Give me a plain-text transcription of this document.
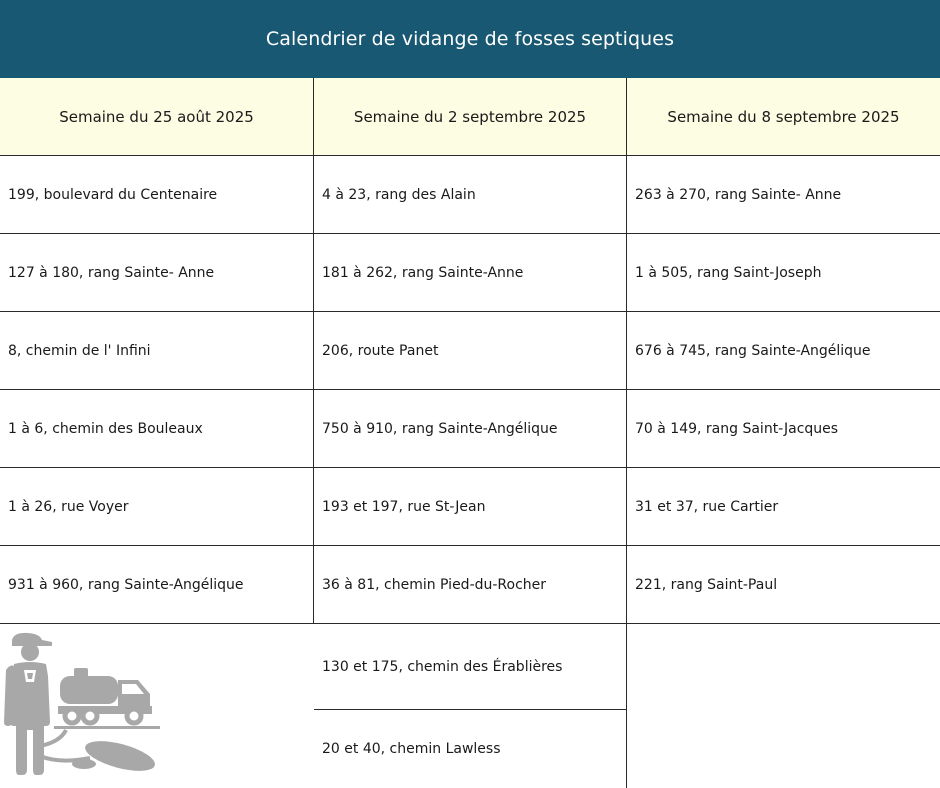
Calendrier de vidange de fosses septiques
Semaine du 25 août 2025	Semaine du 2 septembre 2025	Semaine du 8 septembre 2025
199, boulevard du Centenaire
127 à 180, rang Sainte- Anne
8, chemin de l' Infini
1 à 6, chemin des Bouleaux
1 à 26, rue Voyer
931 à 960, rang Sainte-Angélique
4 à 23, rang des Alain
181 à 262, rang Sainte-Anne
206, route Panet
750 à 910, rang Sainte-Angélique
193 et 197, rue St-Jean
36 à 81, chemin Pied-du-Rocher
130 et 175, chemin des Érablières
20 et 40, chemin Lawless
263 à 270, rang Sainte- Anne
1 à 505, rang Saint-Joseph
676 à 745, rang Sainte-Angélique
70 à 149, rang Saint-Jacques
31 et 37, rue Cartier
221, rang Saint-Paul
